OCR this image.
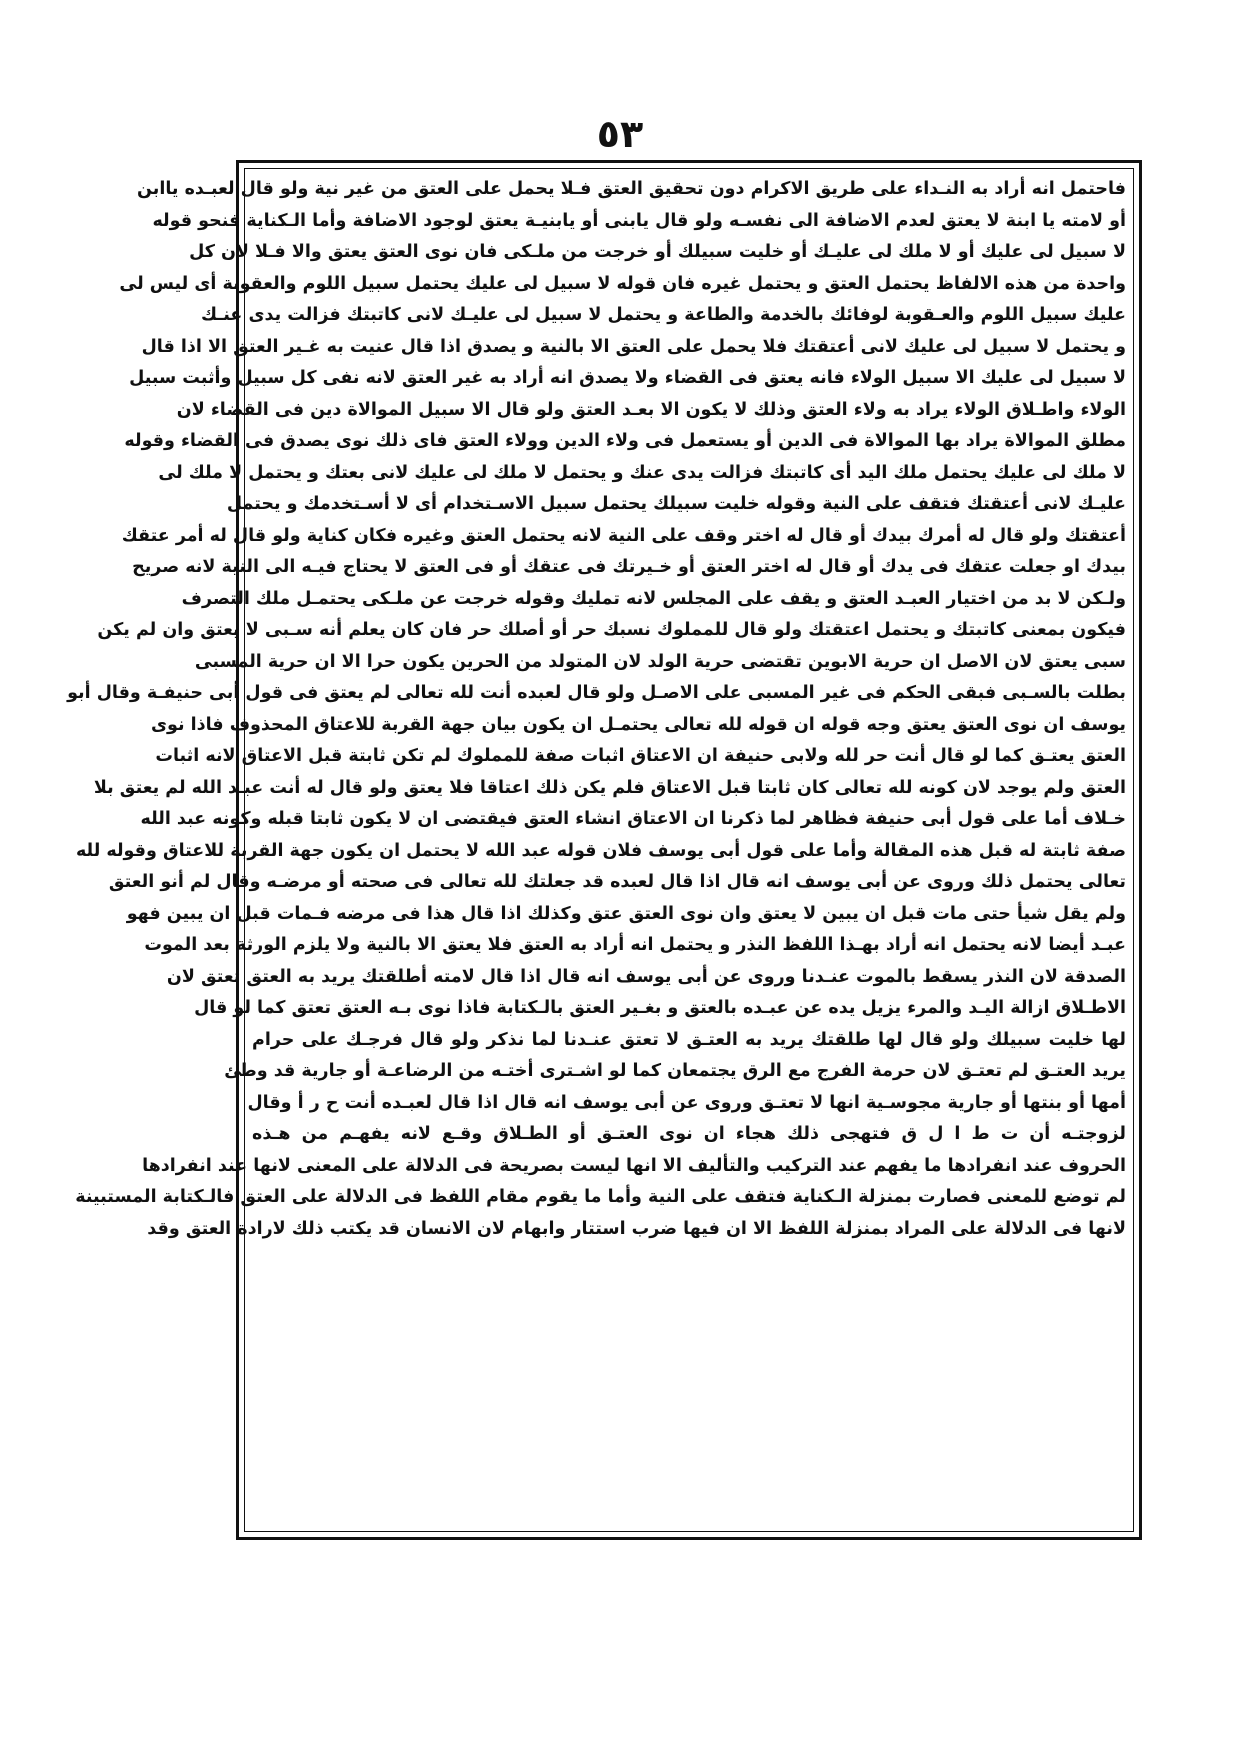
٥٣
فاحتمل انه أراد به النـداء على طريق الاكرام دون تحقيق العتق فـلا يحمل على العتق من غير نية ولو قال لعبـده ياابن
أو لامته يا ابنة لا يعتق لعدم الاضافة الى نفسـه ولو قال يابنى أو يابنيـة يعتق لوجود الاضافة وأما الـكناية فنحو قوله
لا سبيل لى عليك أو لا ملك لى عليـك أو خليت سبيلك أو خرجت من ملـكى فان نوى العتق يعتق والا فـلا لان كل
واحدة من هذه الالفاظ يحتمل العتق و يحتمل غيره فان قوله لا سبيل لى عليك يحتمل سبيل اللوم والعقوبة أى ليس لى
عليك سبيل اللوم والعـقوبة لوفائك بالخدمة والطاعة و يحتمل لا سبيل لى عليـك لانى كاتبتك فزالت يدى عنـك
و يحتمل لا سبيل لى عليك لانى أعتقتك فلا يحمل على العتق الا بالنية و يصدق اذا قال عنيت به غـير العتق الا اذا قال
لا سبيل لى عليك الا سبيل الولاء فانه يعتق فى القضاء ولا يصدق انه أراد به غير العتق لانه نفى كل سبيل وأثبت سبيل
الولاء واطـلاق الولاء يراد به ولاء العتق وذلك لا يكون الا بعـد العتق ولو قال الا سبيل الموالاة دين فى القضاء لان
مطلق الموالاة يراد بها الموالاة فى الدين أو يستعمل فى ولاء الدين وولاء العتق فاى ذلك نوى يصدق فى القضاء وقوله
لا ملك لى عليك يحتمل ملك اليد أى كاتبتك فزالت يدى عنك و يحتمل لا ملك لى عليك لانى بعتك و يحتمل لا ملك لى
عليـك لانى أعتقتك فتقف على النية وقوله خليت سبيلك يحتمل سبيل الاسـتخدام أى لا أسـتخدمك و يحتمل
أعتقتك ولو قال له أمرك بيدك أو قال له اختر وقف على النية لانه يحتمل العتق وغيره فكان كناية ولو قال له أمر عتقك
بيدك او جعلت عتقك فى يدك أو قال له اختر العتق أو خـيرتك فى عتقك أو فى العتق لا يحتاج فيـه الى النية لانه صريح
ولـكن لا بد من اختيار العبـد العتق و يقف على المجلس لانه تمليك وقوله خرجت عن ملـكى يحتمـل ملك التصرف
فيكون بمعنى كاتبتك و يحتمل اعتقتك ولو قال للمملوك نسبك حر أو أصلك حر فان كان يعلم أنه سـبى لا يعتق وان لم يكن
سبى يعتق لان الاصل ان حرية الابوين تقتضى حرية الولد لان المتولد من الحرين يكون حرا الا ان حرية المسبى
بطلت بالسـبى فبقى الحكم فى غير المسبى على الاصـل ولو قال لعبده أنت لله تعالى لم يعتق فى قول أبى حنيفـة وقال أبو
يوسف ان نوى العتق يعتق وجه قوله ان قوله لله تعالى يحتمـل ان يكون بيان جهة القربة للاعتاق المحذوف فاذا نوى
العتق يعتـق كما لو قال أنت حر لله ولابى حنيفة ان الاعتاق اثبات صفة للمملوك لم تكن ثابتة قبل الاعتاق لانه اثبات
العتق ولم يوجد لان كونه لله تعالى كان ثابتا قبل الاعتاق فلم يكن ذلك اعتاقا فلا يعتق ولو قال له أنت عبـد الله لم يعتق بلا
خـلاف أما على قول أبى حنيفة فظاهر لما ذكرنا ان الاعتاق انشاء العتق فيقتضى ان لا يكون ثابتا قبله وكونه عبد الله
صفة ثابتة له قبل هذه المقالة وأما على قول أبى يوسف فلان قوله عبد الله لا يحتمل ان يكون جهة القربة للاعتاق وقوله لله
تعالى يحتمل ذلك وروى عن أبى يوسف انه قال اذا قال لعبده قد جعلتك لله تعالى فى صحته أو مرضـه وقال لم أنو العتق
ولم يقل شيأ حتى مات قبل ان يبين لا يعتق وان نوى العتق عتق وكذلك اذا قال هذا فى مرضه فـمات قبل ان يبين فهو
عبـد أيضا لانه يحتمل انه أراد بهـذا اللفظ النذر و يحتمل انه أراد به العتق فلا يعتق الا بالنية ولا يلزم الورثة بعد الموت
الصدقة لان النذر يسقط بالموت عنـدنا وروى عن أبى يوسف انه قال اذا قال لامته أطلقتك يريد به العتق تعتق لان
الاطـلاق ازالة اليـد والمرء يزيل يده عن عبـده بالعتق و بغـير العتق بالـكتابة فاذا نوى بـه العتق تعتق كما لو قال
لها خليت سبيلك ولو قال لها طلقتك يريد به العتـق لا تعتق عنـدنا لما نذكر ولو قال فرجـك على حرام
يريد العتـق لم تعتـق لان حرمة الفرج مع الرق يجتمعان كما لو اشـترى أختـه من الرضاعـة أو جارية قد وطئ
أمها أو بنتها أو جارية مجوسـية انها لا تعتـق وروى عن أبى يوسف انه قال اذا قال لعبـده أنت ح ر أ وقال
لزوجتـه أن ت ط ا ل ق فتهجى ذلك هجاء ان نوى العتـق أو الطـلاق وقـع لانه يفهـم من هـذه
الحروف عند انفرادها ما يفهم عند التركيب والتأليف الا انها ليست بصريحة فى الدلالة على المعنى لانها عند انفرادها
لم توضع للمعنى فصارت بمنزلة الـكناية فتقف على النية وأما ما يقوم مقام اللفظ فى الدلالة على العتق فالـكتابة المستبينة
لانها فى الدلالة على المراد بمنزلة اللفظ الا ان فيها ضرب استتار وابهام لان الانسان قد يكتب ذلك لارادة العتق وقد
